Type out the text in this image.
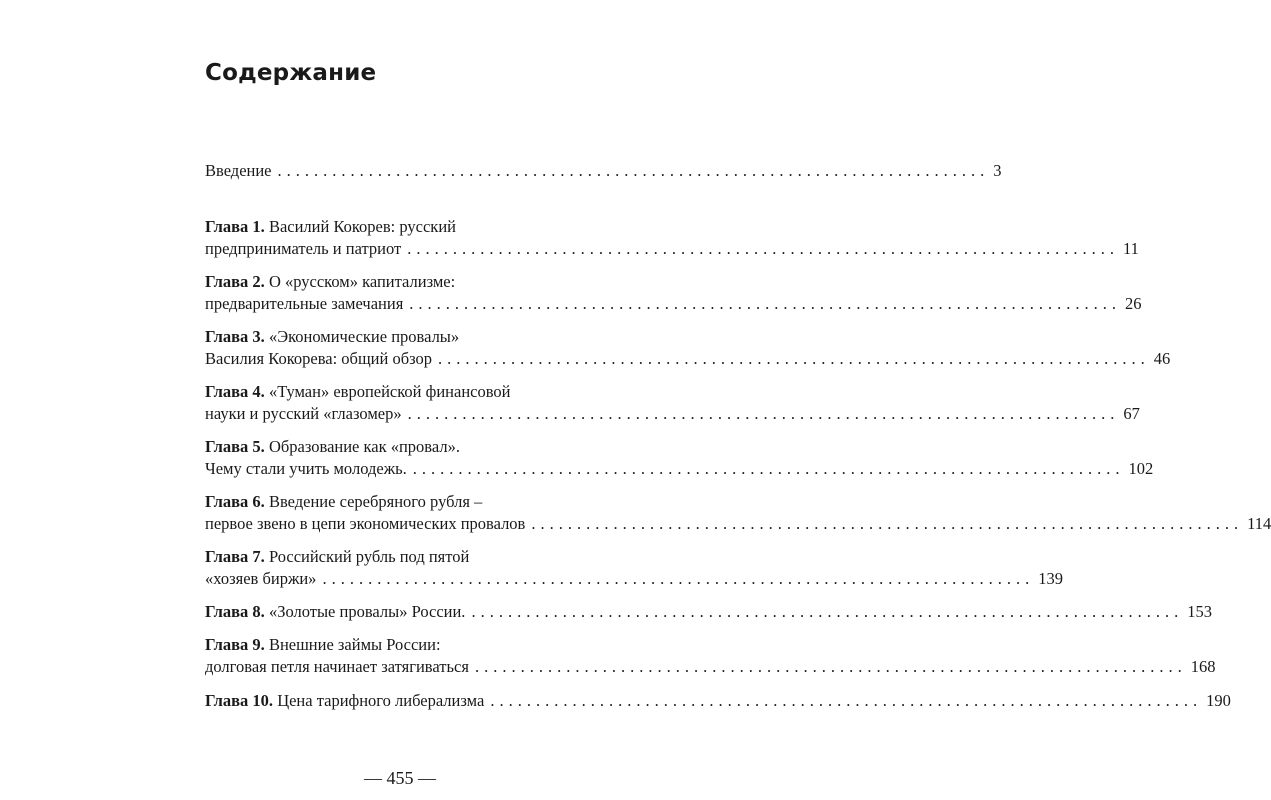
Содержание
Введение .............................................................................. 3
Глава 1. Василий Кокорев: русский
предприниматель и патриот .............................................................................. 11
Глава 2. О «русском» капитализме:
предварительные замечания .............................................................................. 26
Глава 3. «Экономические провалы»
Василия Кокорева: общий обзор .............................................................................. 46
Глава 4. «Туман» европейской финансовой
науки и русский «глазомер» .............................................................................. 67
Глава 5. Образование как «провал».
Чему стали учить молодежь. .............................................................................. 102
Глава 6. Введение серебряного рубля –
первое звено в цепи экономических провалов .............................................................................. 114
Глава 7. Российский рубль под пятой
«хозяев биржи» .............................................................................. 139
Глава 8.
«Золотые провалы» России. .............................................................................. 153
Глава 9. Внешние займы России:
долговая петля начинает затягиваться .............................................................................. 168
Глава 10.
Цена тарифного либерализма .............................................................................. 190
— 455 —
